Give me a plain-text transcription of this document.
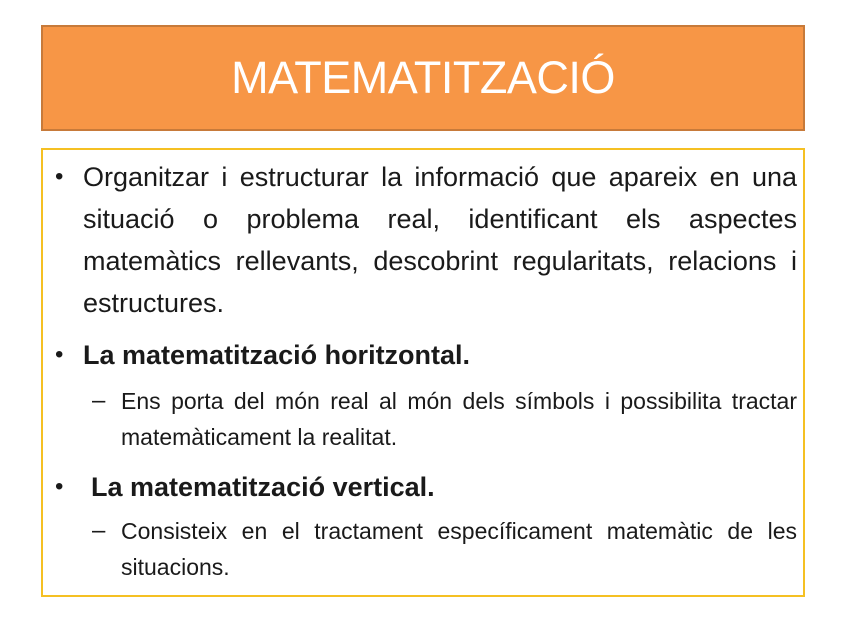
MATEMATITZACIÓ
• Organitzar i estructurar la informació que apareix en una situació o problema real, identificant els aspectes matemàtics rellevants, descobrint regularitats, relacions i estructures.
• La matematització horitzontal.
– Ens porta del món real al món dels símbols i possibilita tractar matemàticament la realitat.
• La matematització vertical.
– Consisteix en el tractament específicament matemàtic de les situacions.
